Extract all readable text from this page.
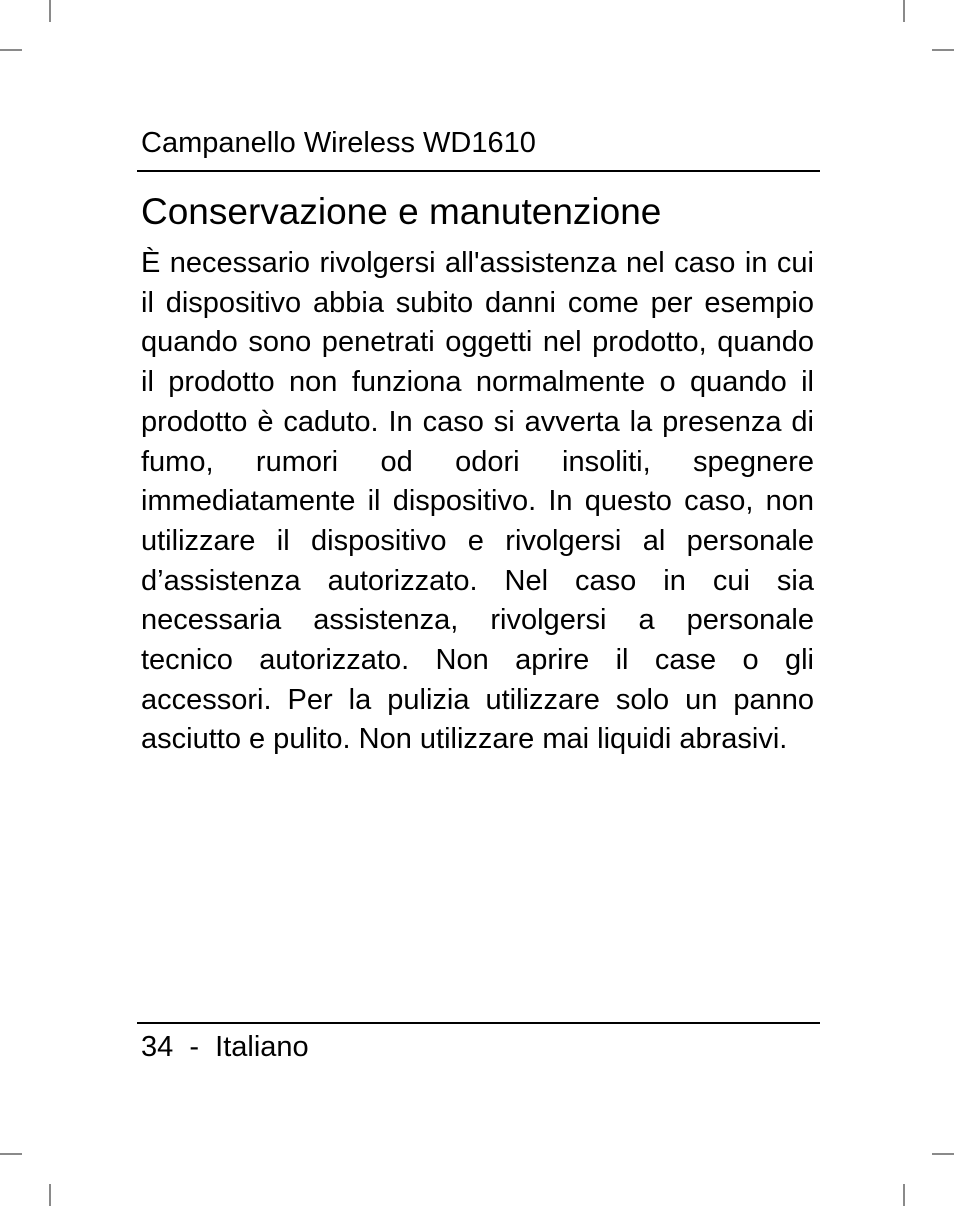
Campanello Wireless WD1610
Conservazione e manutenzione

È necessario rivolgersi all'assistenza nel caso in cui il dispositivo abbia subito danni come per esempio quando sono penetrati oggetti nel prodotto, quando il prodotto non funziona normalmente o quando il prodotto è caduto. In caso si avverta la presenza di fumo, rumori od odori insoliti, spegnere immediatamente il dispositivo. In questo caso, non utilizzare il dispositivo e rivolgersi al personale d’assistenza autorizzato. Nel caso in cui sia necessaria assistenza, rivolgersi a personale tecnico autorizzato. Non aprire il case o gli accessori. Per la pulizia utilizzare solo un panno asciutto e pulito. Non utilizzare mai liquidi abrasivi.

34  -  Italiano
